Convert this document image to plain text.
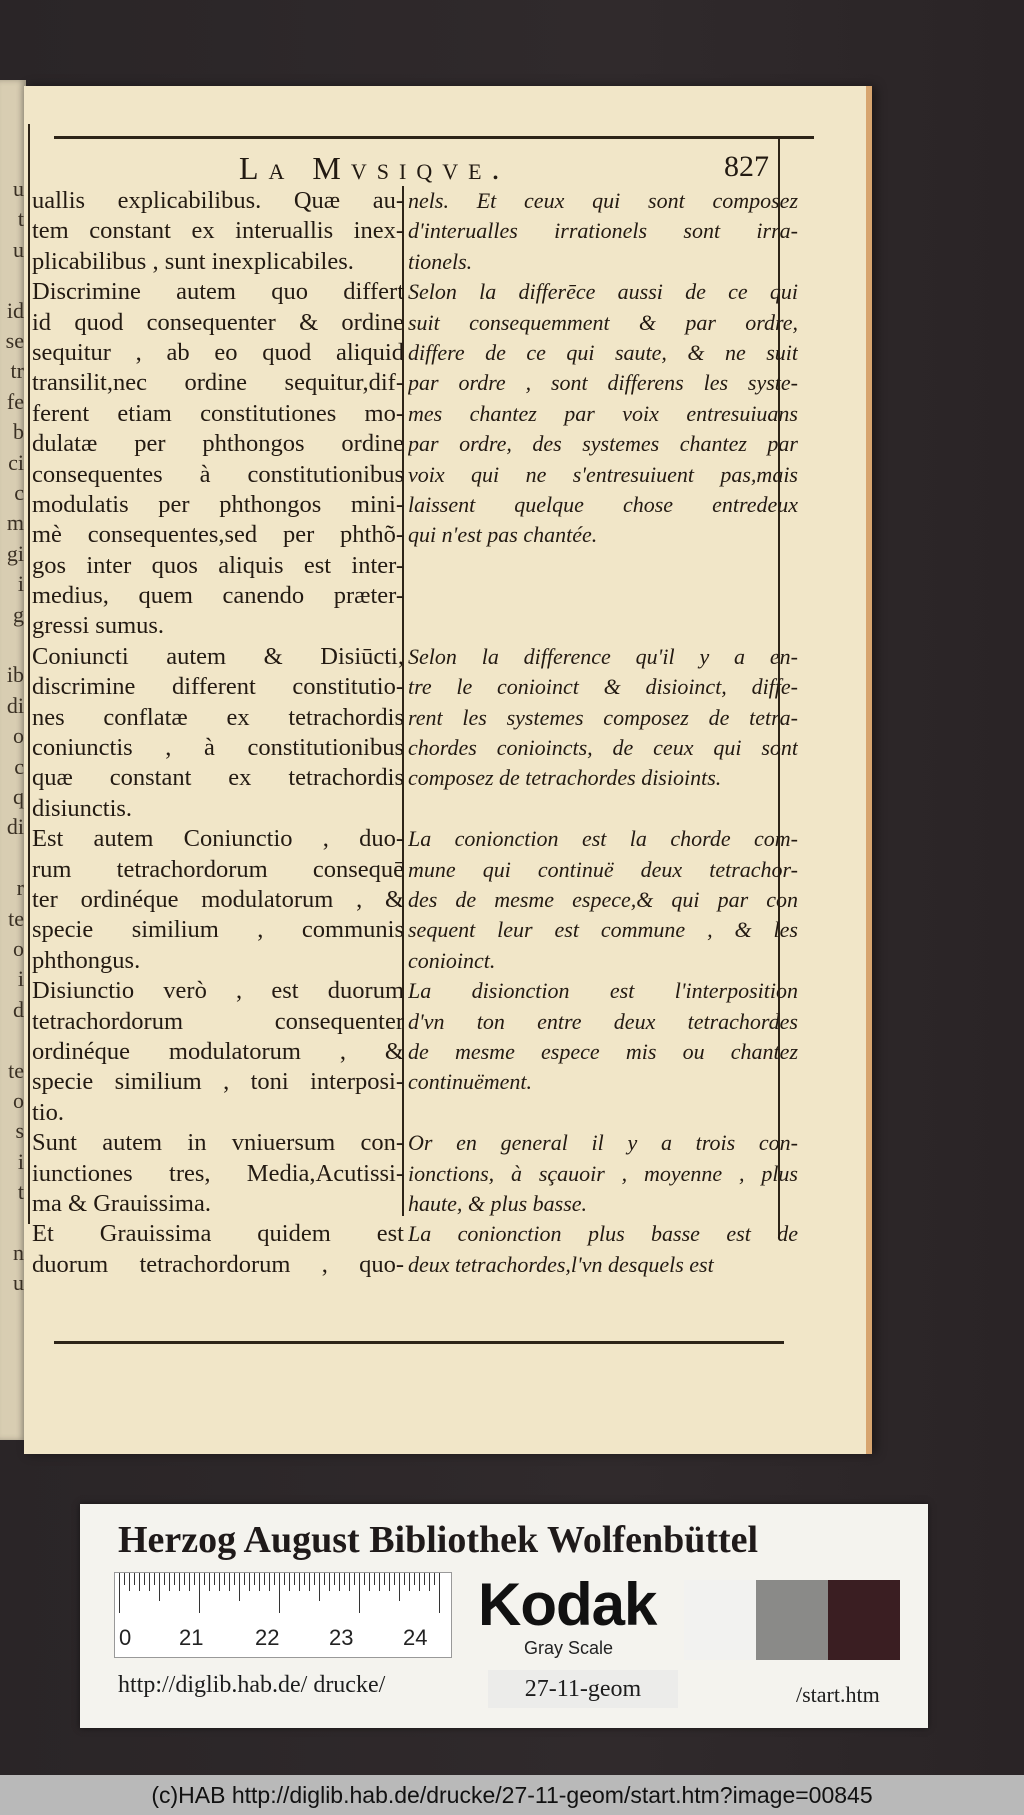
u
t
u
id
se
tr
fe
b
ci
c
m
gi
i
g
ib
di
o
c
q
di
r
te
o
i
d
te
o
s
i
t
n
u
La Mvsiqve.	827
uallis explicabilibus. Quæ au-
tem constant ex interuallis inex-
plicabilibus , sunt inexplicabiles.
Discrimine autem quo differt
id quod consequenter & ordine
sequitur , ab eo quod aliquid
transilit,nec ordine sequitur,dif-
ferent etiam constitutiones mo-
dulatæ per phthongos ordine
consequentes à constitutionibus
modulatis per phthongos mini-
mè consequentes,sed per phthõ-
gos inter quos aliquis est inter-
medius, quem canendo præter-
gressi sumus.
Coniuncti autem & Disiūcti,
discrimine different constitutio-
nes conflatæ ex tetrachordis
coniunctis , à constitutionibus
quæ constant ex tetrachordis
disiunctis.
Est autem Coniunctio , duo-
rum tetrachordorum consequē
ter ordinéque modulatorum , &
specie similium , communis
phthongus.
Disiunctio verò , est duorum
tetrachordorum consequenter
ordinéque modulatorum , &
specie similium , toni interposi-
tio.
Sunt autem in vniuersum con-
iunctiones tres, Media,Acutissi-
ma & Grauissima.
Et Grauissima quidem est
duorum tetrachordorum , quo-
nels. Et ceux qui sont composez
d'interualles irrationels sont irra-
tionels.
Selon la differēce aussi de ce qui
suit consequemment & par ordre,
differe de ce qui saute, & ne suit
par ordre , sont differens les syste-
mes chantez par voix entresuiuans
par ordre, des systemes chantez par
voix qui ne s'entresuiuent pas,mais
laissent quelque chose entredeux
qui n'est pas chantée.
Selon la difference qu'il y a en-
tre le conioinct & disioinct, diffe-
rent les systemes composez de tetra-
chordes conioincts, de ceux qui sont
composez de tetrachordes disioints.
La conionction est la chorde com-
mune qui continuë deux tetrachor-
des de mesme espece,& qui par con
sequent leur est commune , & les
conioinct.
La disionction est l'interposition
d'vn ton entre deux tetrachordes
de mesme espece mis ou chantez
continuëment.
Or en general il y a trois con-
ionctions, à sçauoir , moyenne , plus
haute, & plus basse.
La conionction plus basse est de
deux tetrachordes,l'vn desquels est
Herzog August Bibliothek Wolfenbüttel
0 21 22 23 24 Kodak
Gray Scale
http://diglib.hab.de/ drucke/	27-11-geom	/start.htm
(c)HAB http://diglib.hab.de/drucke/27-11-geom/start.htm?image=00845
